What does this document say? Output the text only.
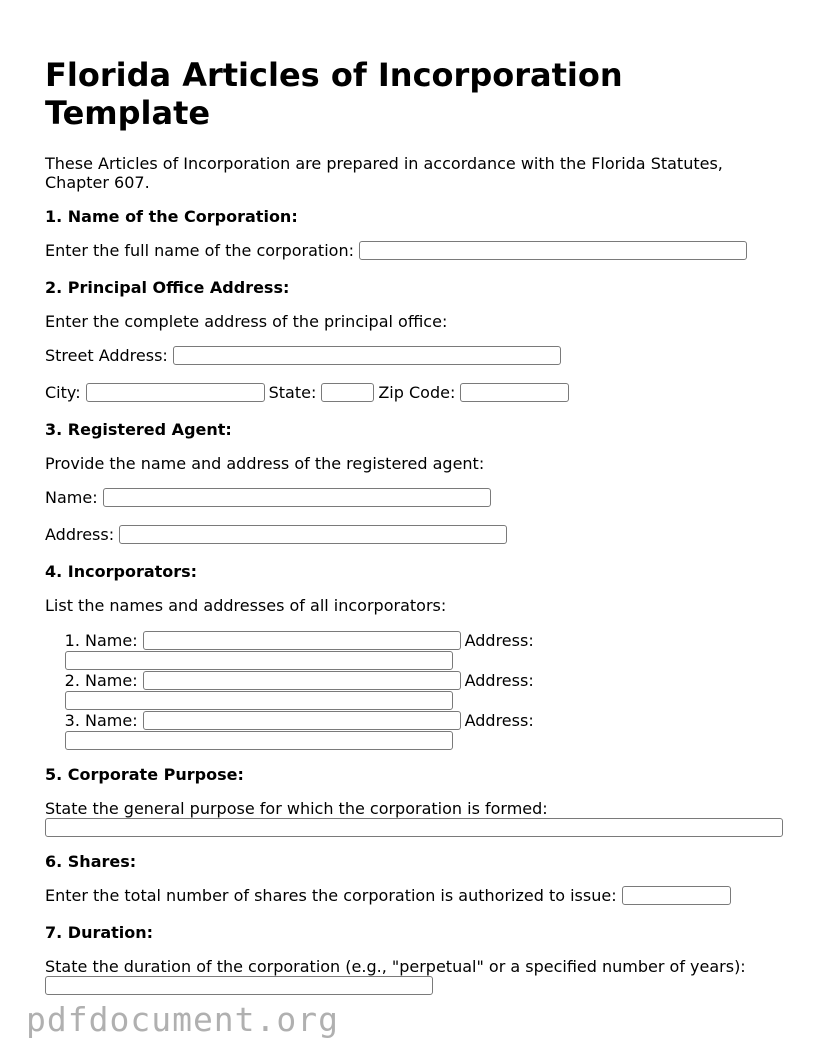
Florida Articles of Incorporation Template
These Articles of Incorporation are prepared in accordance with the Florida Statutes, Chapter 607.
1. Name of the Corporation:
Enter the full name of the corporation:
2. Principal Office Address:
Enter the complete address of the principal office:
Street Address:
City:	State:	Zip Code:
3. Registered Agent:
Provide the name and address of the registered agent:
Name:
Address:
4. Incorporators:
List the names and addresses of all incorporators:
1. Name:	Address:
2. Name:	Address:
3. Name:	Address:
5. Corporate Purpose:
State the general purpose for which the corporation is formed:
6. Shares:
Enter the total number of shares the corporation is authorized to issue:
7. Duration:
State the duration of the corporation (e.g., "perpetual" or a specified number of years):
pdfdocument.org
